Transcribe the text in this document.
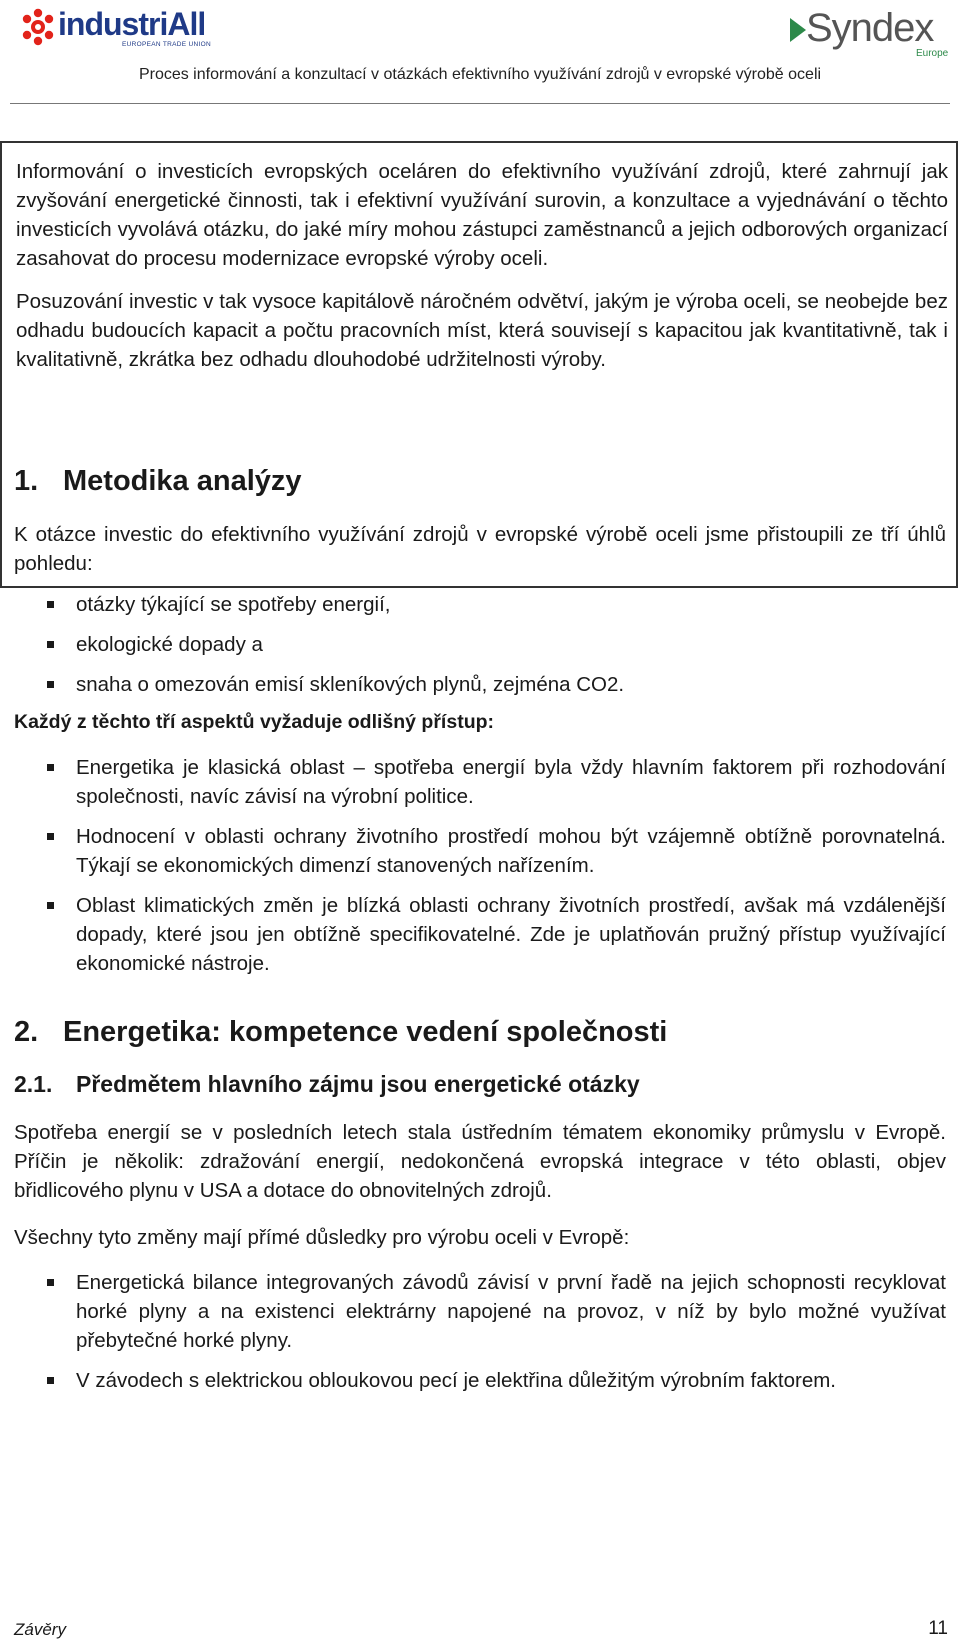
industriAll
EUROPEAN TRADE UNION	Syndex
Europe
Proces informování a konzultací v otázkách efektivního využívání zdrojů v evropské výrobě oceli

Informování o investicích evropských oceláren do efektivního využívání zdrojů, které zahrnují jak zvyšování energetické činnosti, tak i efektivní využívání surovin, a konzultace a vyjednávání o těchto investicích vyvolává otázku, do jaké míry mohou zástupci zaměstnanců a jejich odborových organizací zasahovat do procesu modernizace evropské výroby oceli.

Posuzování investic v tak vysoce kapitálově náročném odvětví, jakým je výroba oceli, se neobejde bez odhadu budoucích kapacit a počtu pracovních míst, která souvisejí s kapacitou jak kvantitativně, tak i kvalitativně, zkrátka bez odhadu dlouhodobé udržitelnosti výroby.

1. Metodika analýzy

K otázce investic do efektivního využívání zdrojů v evropské výrobě oceli jsme přistoupili ze tří úhlů pohledu:

otázky týkající se spotřeby energií,
ekologické dopady a
snaha o omezován emisí skleníkových plynů, zejména CO2.

Každý z těchto tří aspektů vyžaduje odlišný přístup:

Energetika je klasická oblast – spotřeba energií byla vždy hlavním faktorem při rozhodování společnosti, navíc závisí na výrobní politice.
Hodnocení v oblasti ochrany životního prostředí mohou být vzájemně obtížně porovnatelná. Týkají se ekonomických dimenzí stanovených nařízením.
Oblast klimatických změn je blízká oblasti ochrany životních prostředí, avšak má vzdálenější dopady, které jsou jen obtížně specifikovatelné. Zde je uplatňován pružný přístup využívající ekonomické nástroje.
2. Energetika: kompetence vedení společnosti
2.1. Předmětem hlavního zájmu jsou energetické otázky

Spotřeba energií se v posledních letech stala ústředním tématem ekonomiky průmyslu v Evropě. Příčin je několik: zdražování energií, nedokončená evropská integrace v této oblasti, objev břidlicového plynu v USA a dotace do obnovitelných zdrojů.

Všechny tyto změny mají přímé důsledky pro výrobu oceli v Evropě:

Energetická bilance integrovaných závodů závisí v první řadě na jejich schopnosti recyklovat horké plyny a na existenci elektrárny napojené na provoz, v níž by bylo možné využívat přebytečné horké plyny.
V závodech s elektrickou obloukovou pecí je elektřina důležitým výrobním faktorem.
Závěry	11
